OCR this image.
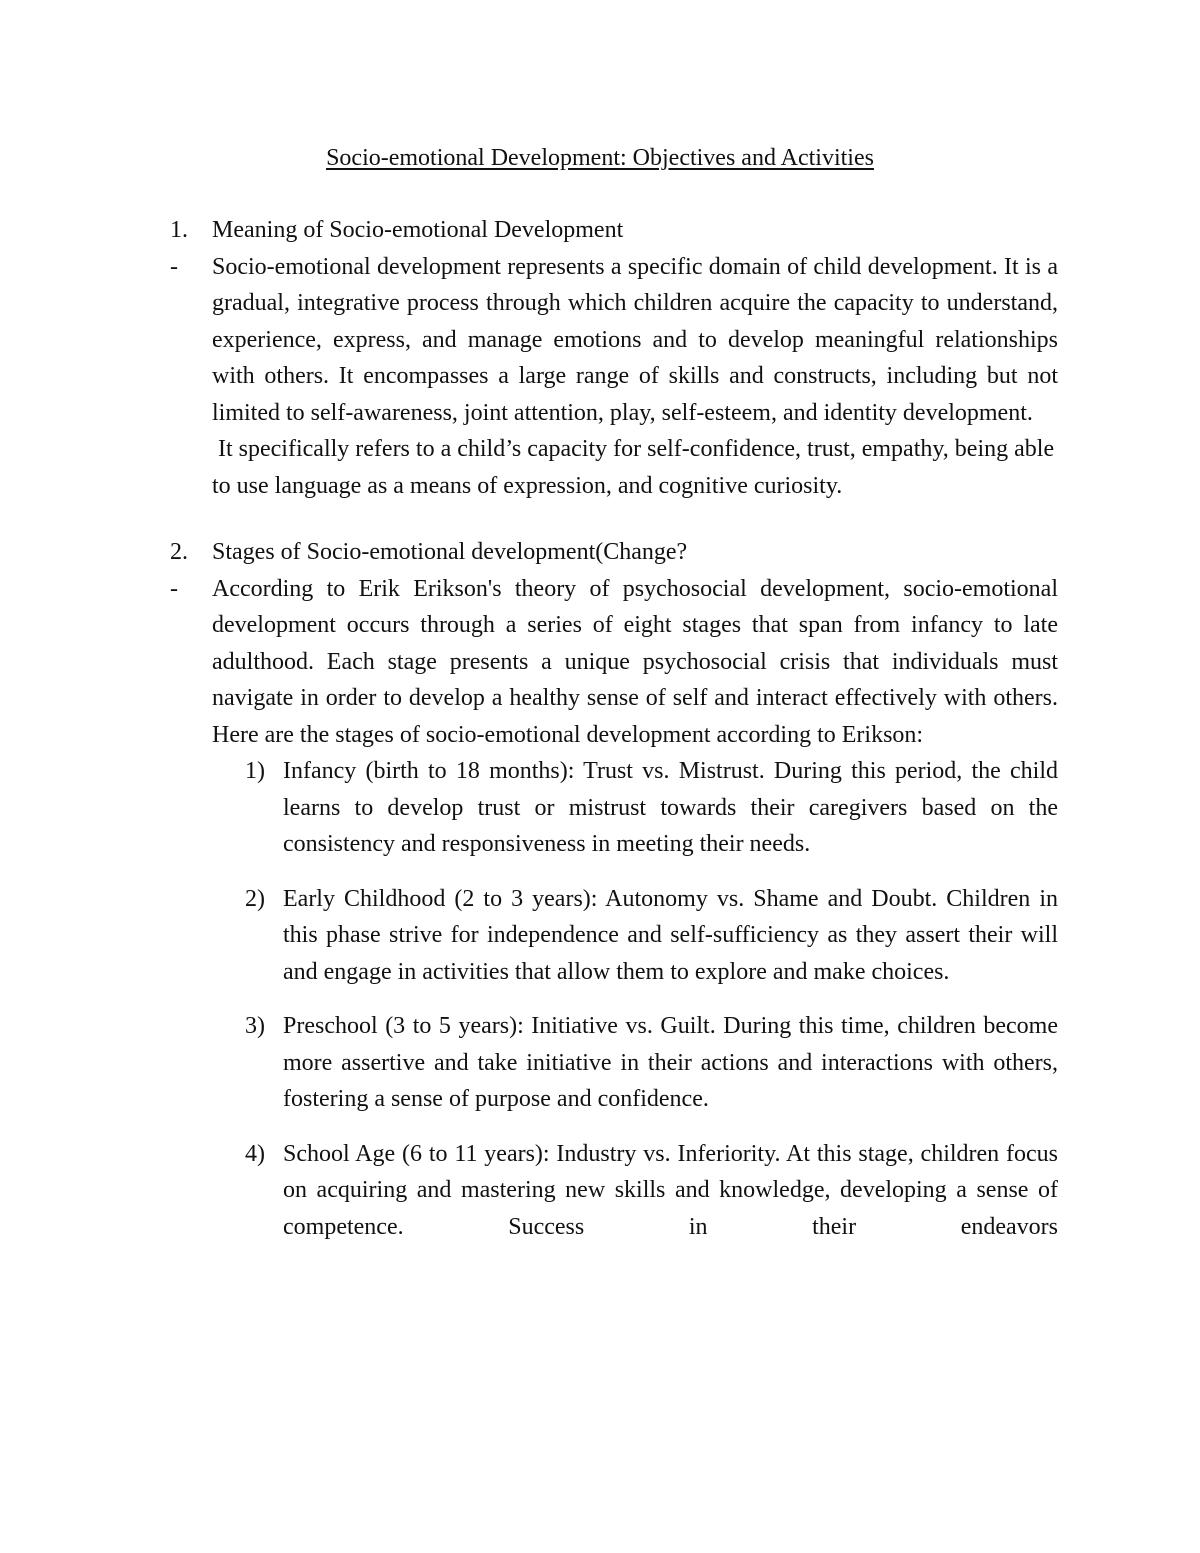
Socio-emotional Development: Objectives and Activities
1. Meaning of Socio-emotional Development
- Socio-emotional development represents a specific domain of child development. It is a gradual, integrative process through which children acquire the capacity to understand, experience, express, and manage emotions and to develop meaningful relationships with others. It encompasses a large range of skills and constructs, including but not limited to self-awareness, joint attention, play, self-esteem, and identity development.
It specifically refers to a child’s capacity for self-confidence, trust, empathy, being able to use language as a means of expression, and cognitive curiosity.
2. Stages of Socio-emotional development(Change?
- According to Erik Erikson's theory of psychosocial development, socio-emotional development occurs through a series of eight stages that span from infancy to late adulthood. Each stage presents a unique psychosocial crisis that individuals must navigate in order to develop a healthy sense of self and interact effectively with others. Here are the stages of socio-emotional development according to Erikson:
1) Infancy (birth to 18 months): Trust vs. Mistrust. During this period, the child learns to develop trust or mistrust towards their caregivers based on the consistency and responsiveness in meeting their needs.
2) Early Childhood (2 to 3 years): Autonomy vs. Shame and Doubt. Children in this phase strive for independence and self-sufficiency as they assert their will and engage in activities that allow them to explore and make choices.
3) Preschool (3 to 5 years): Initiative vs. Guilt. During this time, children become more assertive and take initiative in their actions and interactions with others, fostering a sense of purpose and confidence.
4) School Age (6 to 11 years): Industry vs. Inferiority. At this stage, children focus on acquiring and mastering new skills and knowledge, developing a sense of competence. Success in their endeavors
